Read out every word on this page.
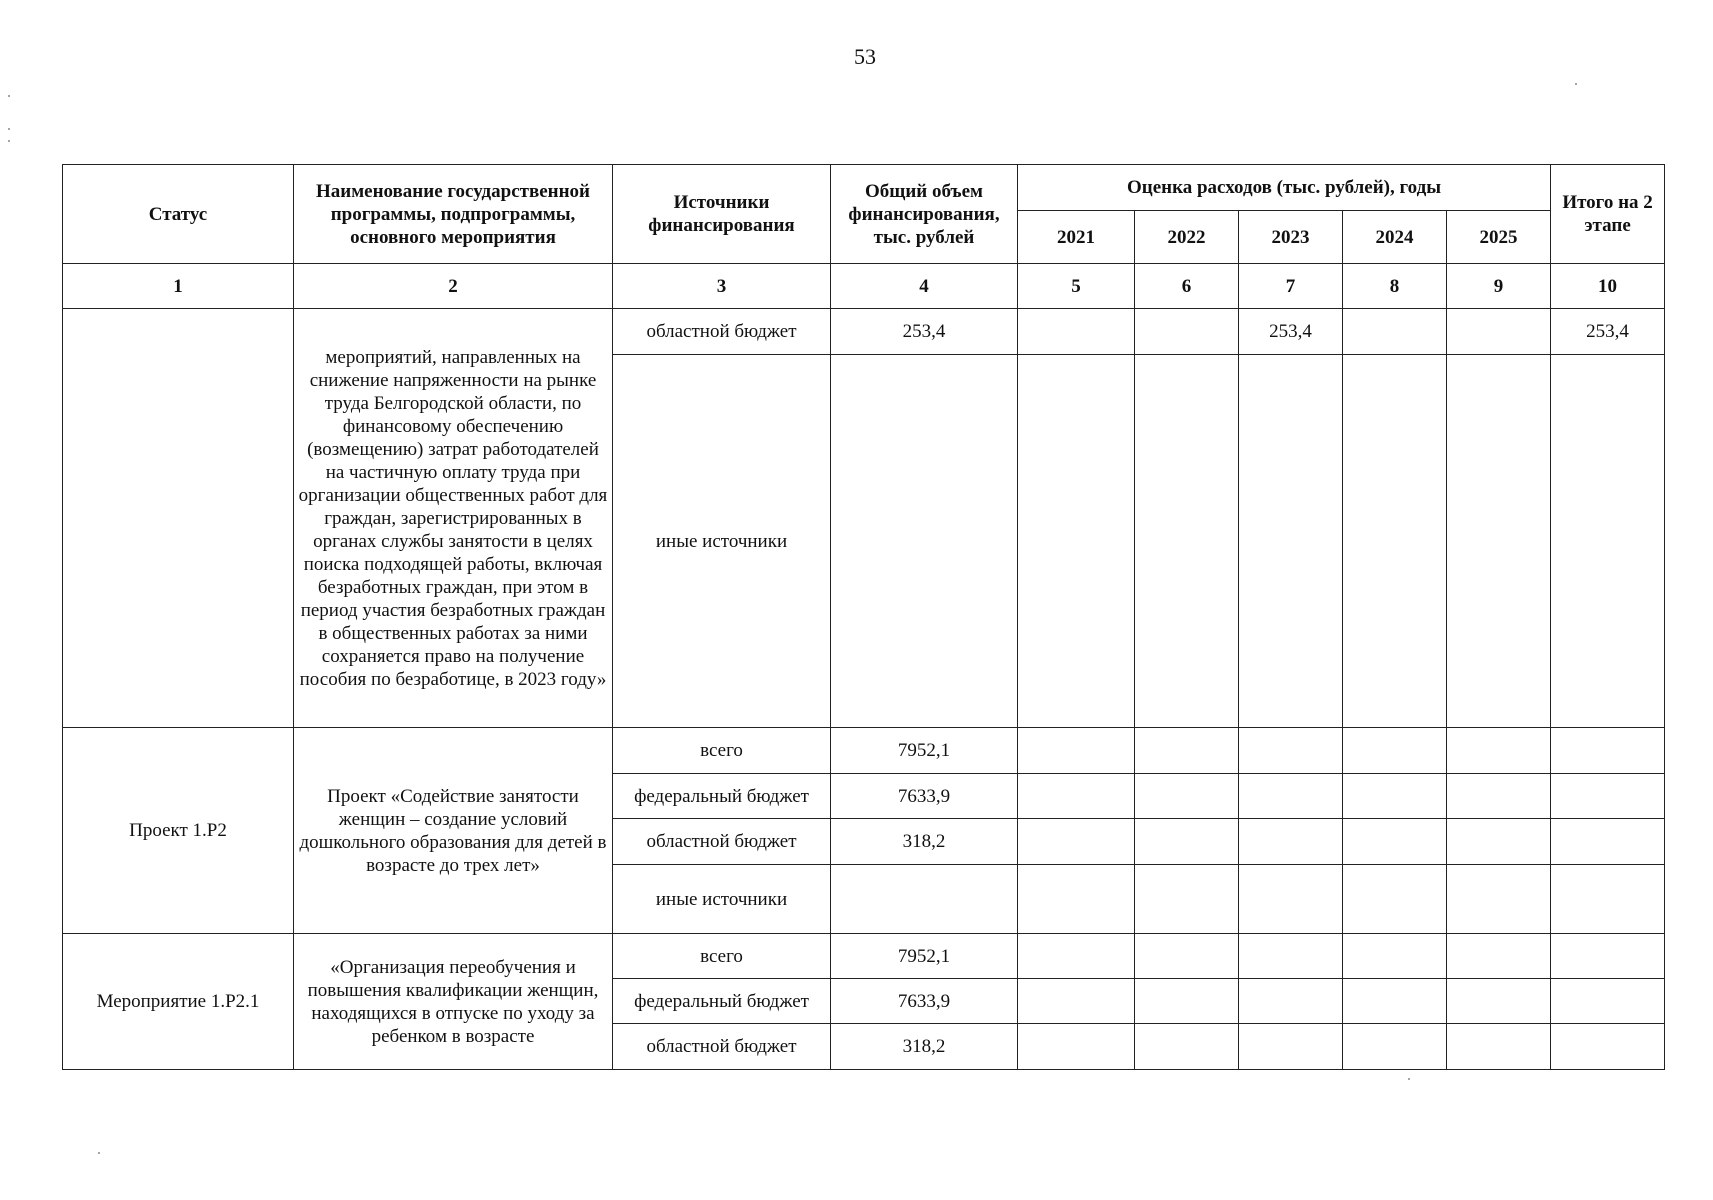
53
Статус	Наименование государственной программы, подпрограммы, основного мероприятия	Источники финансирования	Общий объем финансирования, тыс. рублей	Оценка расходов (тыс. рублей), годы					Итого на 2 этапе
				2021	2022	2023	2024	2025	
1	2	3	4	5	6	7	8	9	10
	мероприятий, направленных на снижение напряженности на рынке труда Белгородской области, по финансовому обеспечению (возмещению) затрат работодателей на частичную оплату труда при организации общественных работ для граждан, зарегистрированных в органах службы занятости в целях поиска подходящей работы, включая безработных граждан, при этом в период участия безработных граждан в общественных работах за ними сохраняется право на получение пособия по безработице, в 2023 году»	областной бюджет	253,4			253,4			253,4
		иные источники							
Проект 1.Р2	Проект «Содействие занятости женщин – создание условий дошкольного образования для детей в возрасте до трех лет»	всего	7952,1						
		федеральный бюджет	7633,9						
		областной бюджет	318,2						
		иные источники							
Мероприятие 1.Р2.1	«Организация переобучения и повышения квалификации женщин, находящихся в отпуске по уходу за ребенком в возрасте	всего	7952,1						
		федеральный бюджет	7633,9						
		областной бюджет	318,2						
